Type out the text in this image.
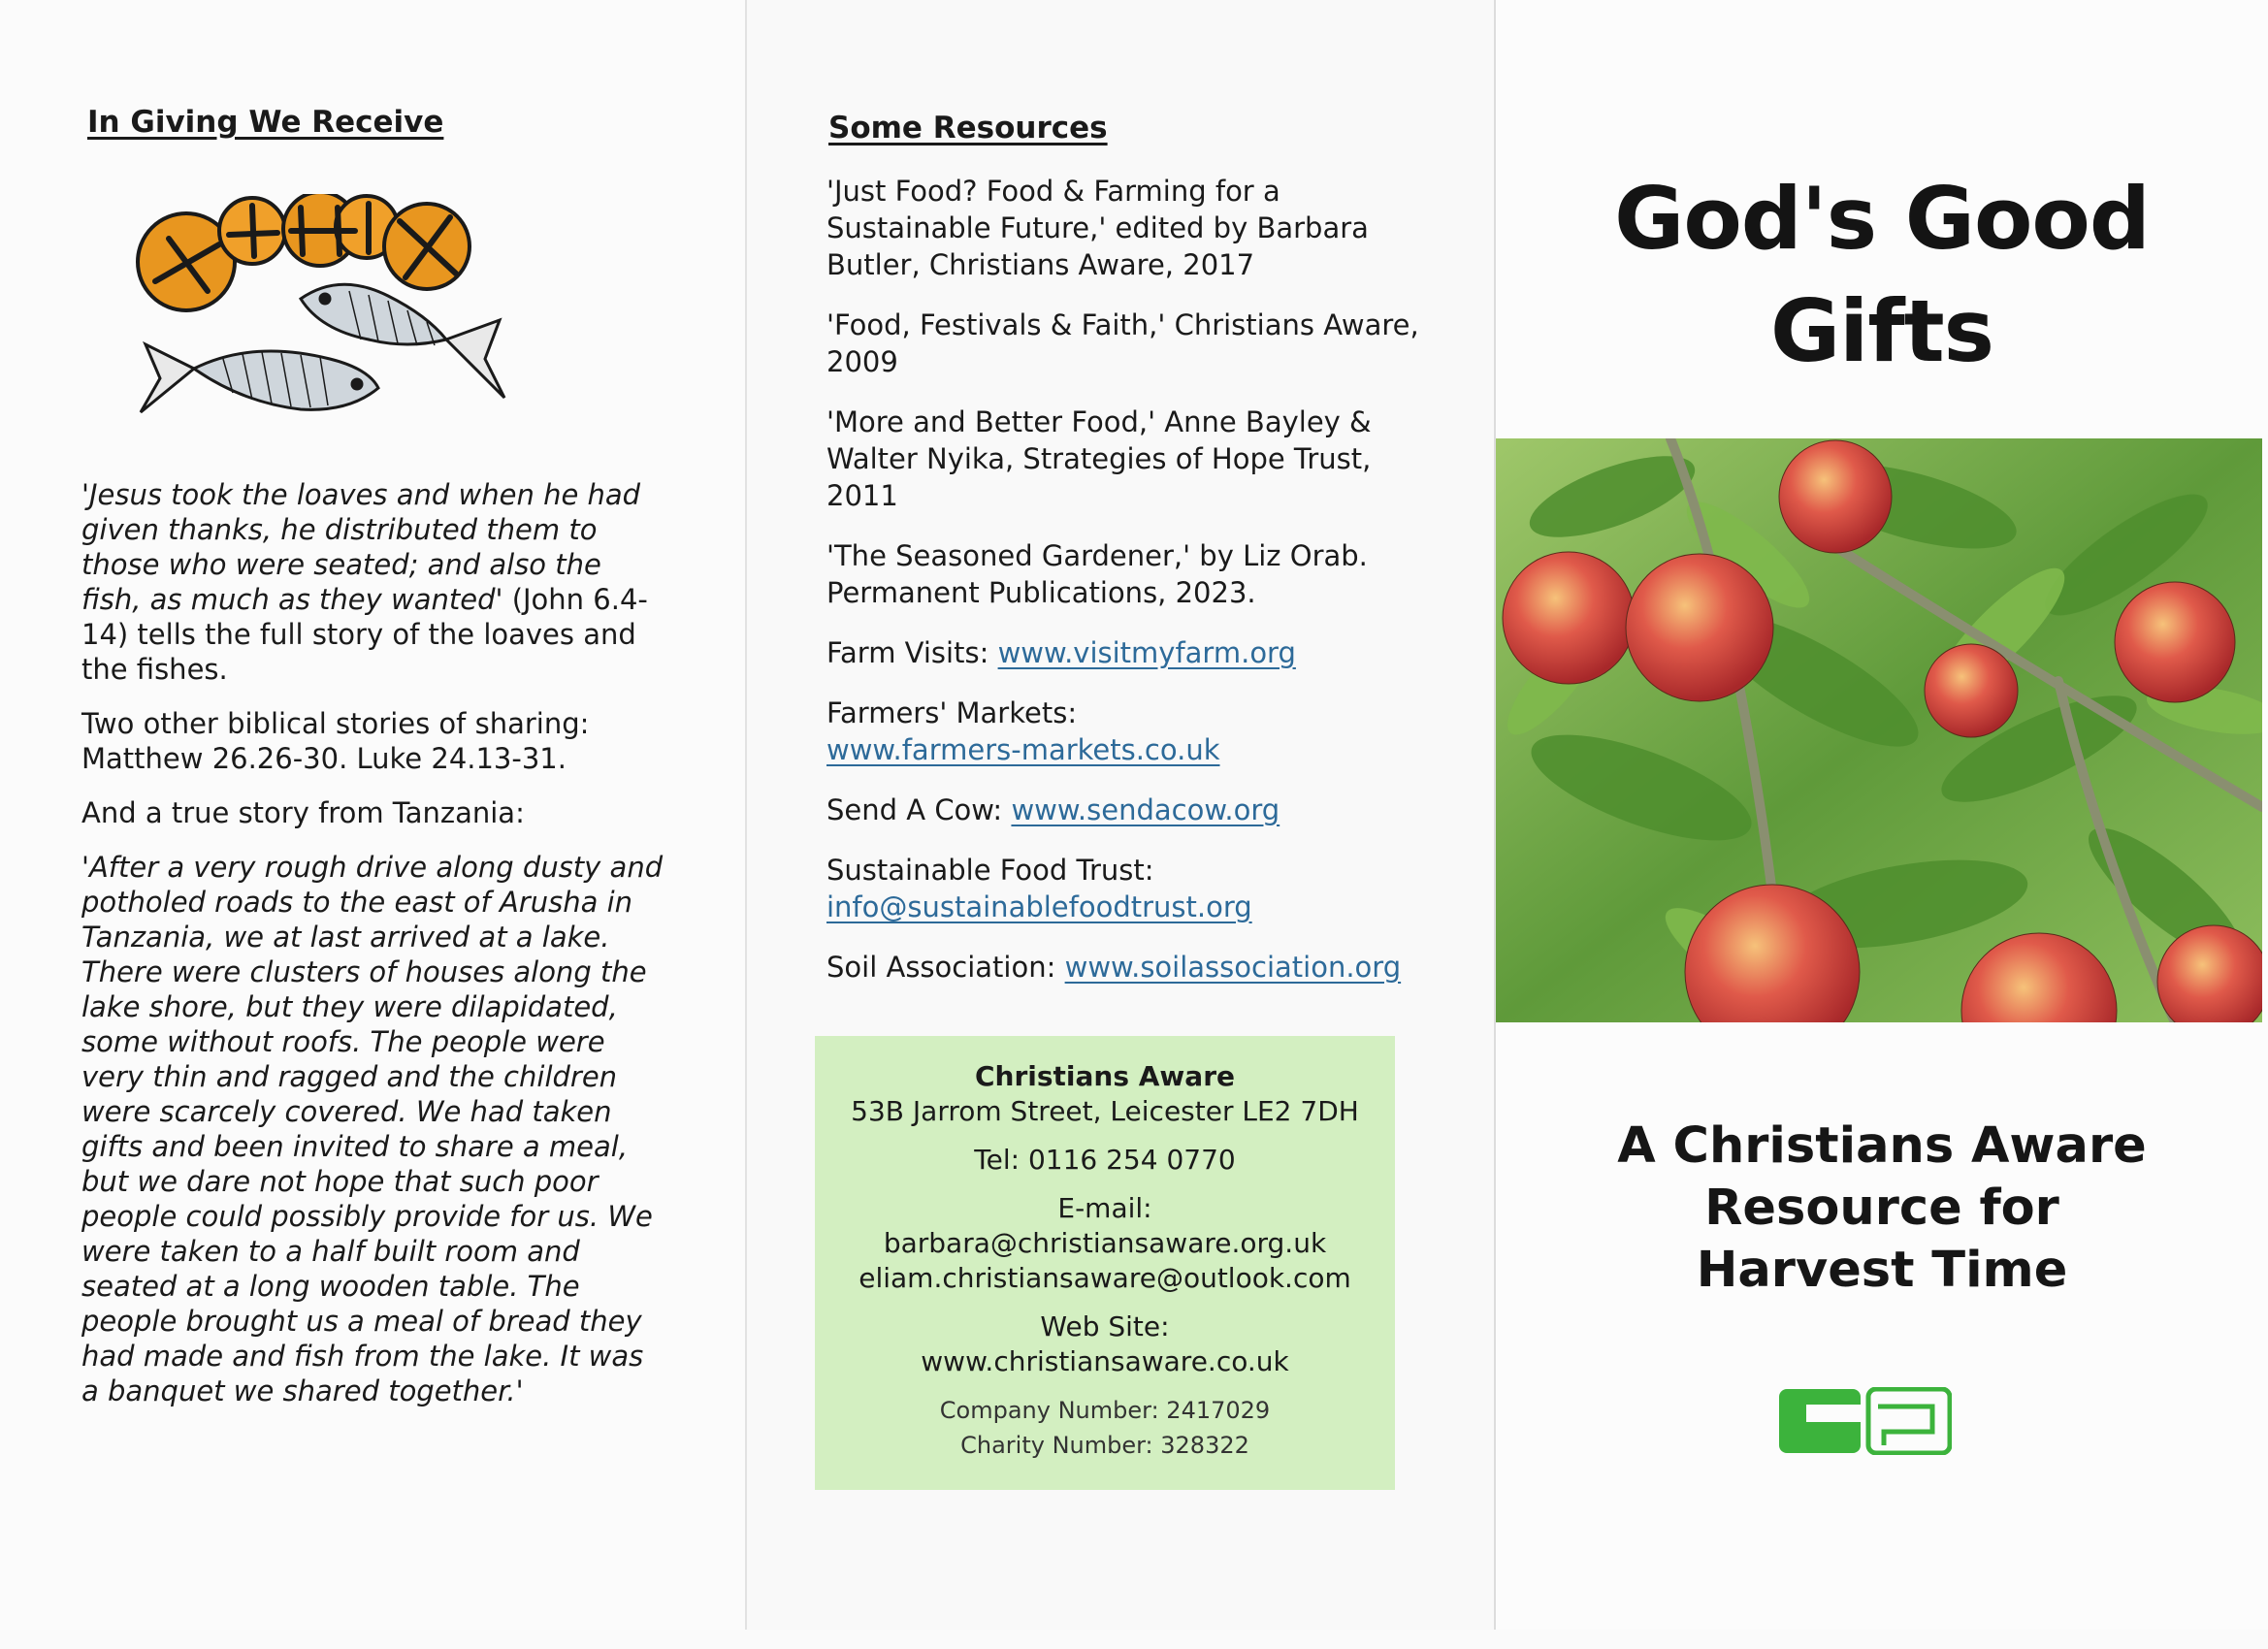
In Giving We Receive

'Jesus took the loaves and when he had given thanks, he distributed them to those who were seated; and also the fish, as much as they wanted' (John 6.4-14) tells the full story of the loaves and the fishes.

Two other biblical stories of sharing:
Matthew 26.26-30. Luke 24.13-31.

And a true story from Tanzania:

'After a very rough drive along dusty and potholed roads to the east of Arusha in Tanzania, we at last arrived at a lake. There were clusters of houses along the lake shore, but they were dilapidated, some without roofs. The people were very thin and ragged and the children were scarcely covered. We had taken gifts and been invited to share a meal, but we dare not hope that such poor people could possibly provide for us. We were taken to a half built room and seated at a long wooden table. The people brought us a meal of bread they had made and fish from the lake. It was a banquet we shared together.'

Some Resources

'Just Food? Food & Farming for a Sustainable Future,' edited by Barbara Butler, Christians Aware, 2017

'Food, Festivals & Faith,' Christians Aware, 2009

'More and Better Food,' Anne Bayley & Walter Nyika, Strategies of Hope Trust, 2011

'The Seasoned Gardener,' by Liz Orab. Permanent Publications, 2023.

Farm Visits: www.visitmyfarm.org

Farmers' Markets:
www.farmers-markets.co.uk

Send A Cow: www.sendacow.org

Sustainable Food Trust:
info@sustainablefoodtrust.org

Soil Association: www.soilassociation.org

Christians Aware
53B Jarrom Street, Leicester LE2 7DH
Tel: 0116 254 0770
E-mail:
barbara@christiansaware.org.uk
eliam.christiansaware@outlook.com
Web Site:
www.christiansaware.co.uk
Company Number: 2417029
Charity Number: 328322
God's Good
Gifts
A Christians Aware
Resource for
Harvest Time
